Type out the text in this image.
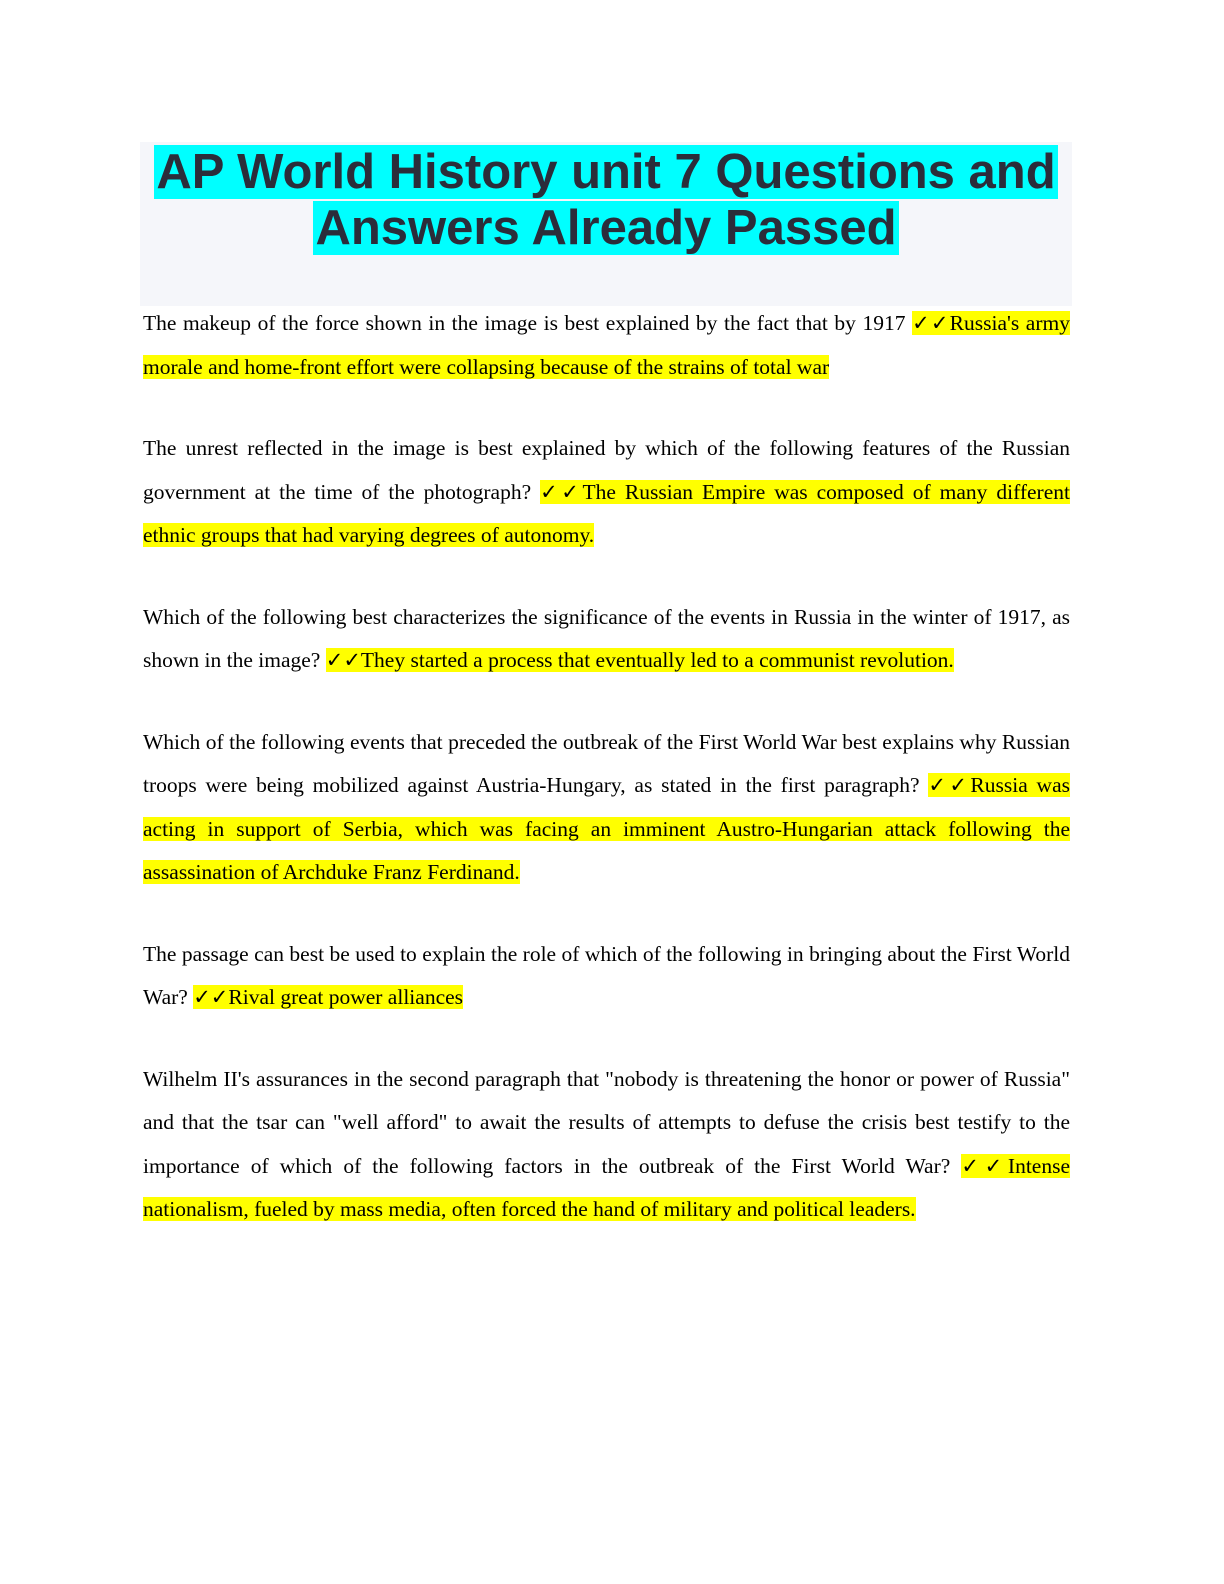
AP World History unit 7 Questions and
Answers Already Passed

The makeup of the force shown in the image is best explained by the fact that by 1917 ✓✓Russia's army morale and home-front effort were collapsing because of the strains of total war

The unrest reflected in the image is best explained by which of the following features of the Russian government at the time of the photograph? ✓✓The Russian Empire was composed of many different ethnic groups that had varying degrees of autonomy.

Which of the following best characterizes the significance of the events in Russia in the winter of 1917, as shown in the image? ✓✓They started a process that eventually led to a communist revolution.

Which of the following events that preceded the outbreak of the First World War best explains why Russian troops were being mobilized against Austria-Hungary, as stated in the first paragraph? ✓✓Russia was acting in support of Serbia, which was facing an imminent Austro-Hungarian attack following the assassination of Archduke Franz Ferdinand.

The passage can best be used to explain the role of which of the following in bringing about the First World War? ✓✓Rival great power alliances

Wilhelm II's assurances in the second paragraph that "nobody is threatening the honor or power of Russia" and that the tsar can "well afford" to await the results of attempts to defuse the crisis best testify to the importance of which of the following factors in the outbreak of the First World War? ✓✓Intense nationalism, fueled by mass media, often forced the hand of military and political leaders.
